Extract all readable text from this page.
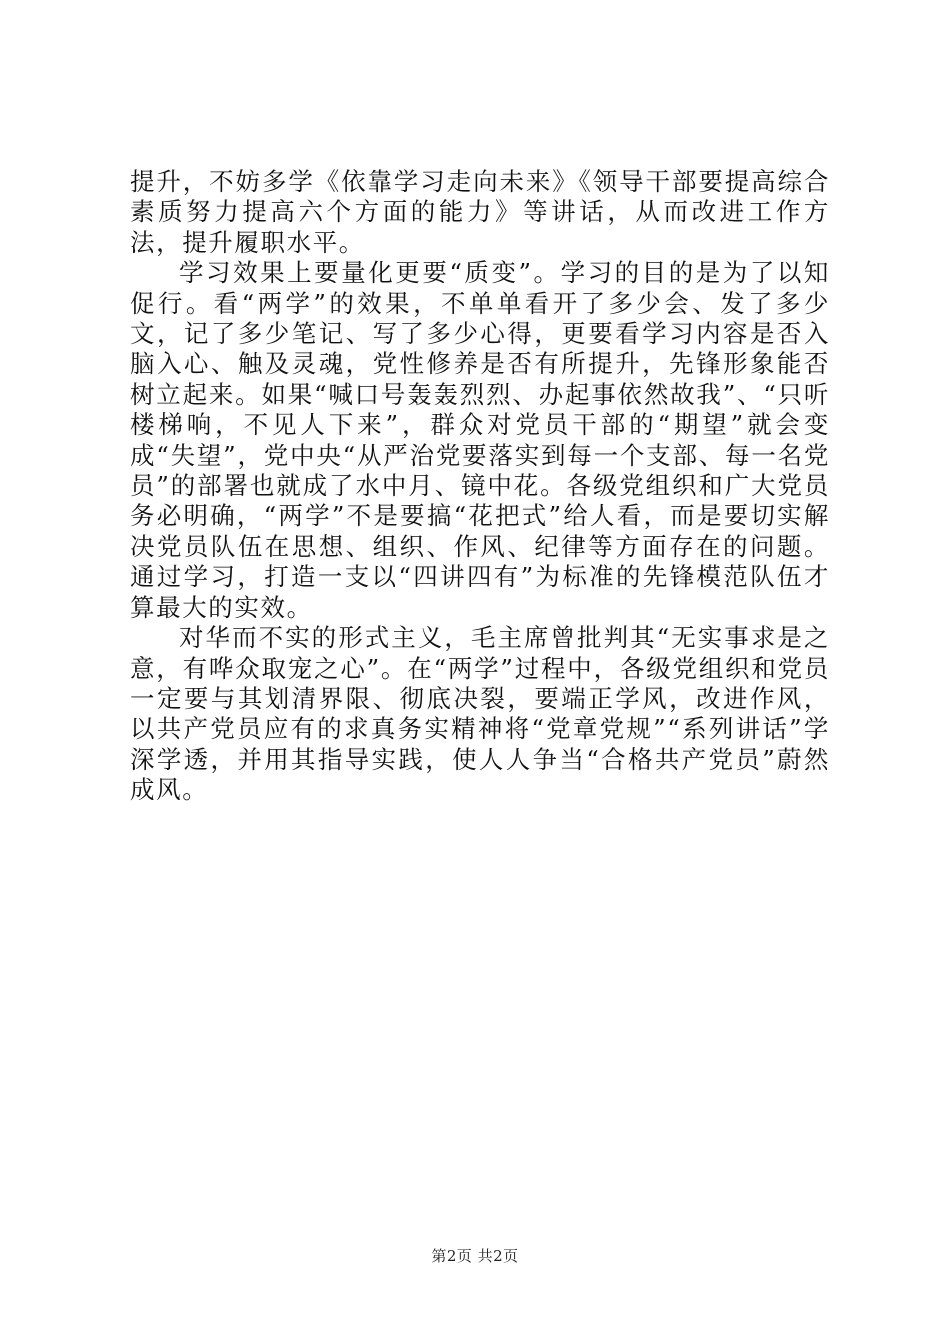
提升，不妨多学《依靠学习走向未来》《领导干部要提高综合素质努力提高六个方面的能力》等讲话，从而改进工作方法，提升履职水平。

学习效果上要量化更要“质变”。学习的目的是为了以知促行。看“两学”的效果，不单单看开了多少会、发了多少文，记了多少笔记、写了多少心得，更要看学习内容是否入脑入心、触及灵魂，党性修养是否有所提升，先锋形象能否树立起来。如果“喊口号轰轰烈烈、办起事依然故我”、“只听楼梯响，不见人下来”，群众对党员干部的“期望”就会变成“失望”，党中央“从严治党要落实到每一个支部、每一名党员”的部署也就成了水中月、镜中花。各级党组织和广大党员务必明确，“两学”不是要搞“花把式”给人看，而是要切实解决党员队伍在思想、组织、作风、纪律等方面存在的问题。通过学习，打造一支以“四讲四有”为标准的先锋模范队伍才算最大的实效。

对华而不实的形式主义，毛主席曾批判其“无实事求是之意，有哗众取宠之心”。在“两学”过程中，各级党组织和党员一定要与其划清界限、彻底决裂，要端正学风，改进作风，以共产党员应有的求真务实精神将“党章党规”“系列讲话”学深学透，并用其指导实践，使人人争当“合格共产党员”蔚然成风。

第2页 共2页
